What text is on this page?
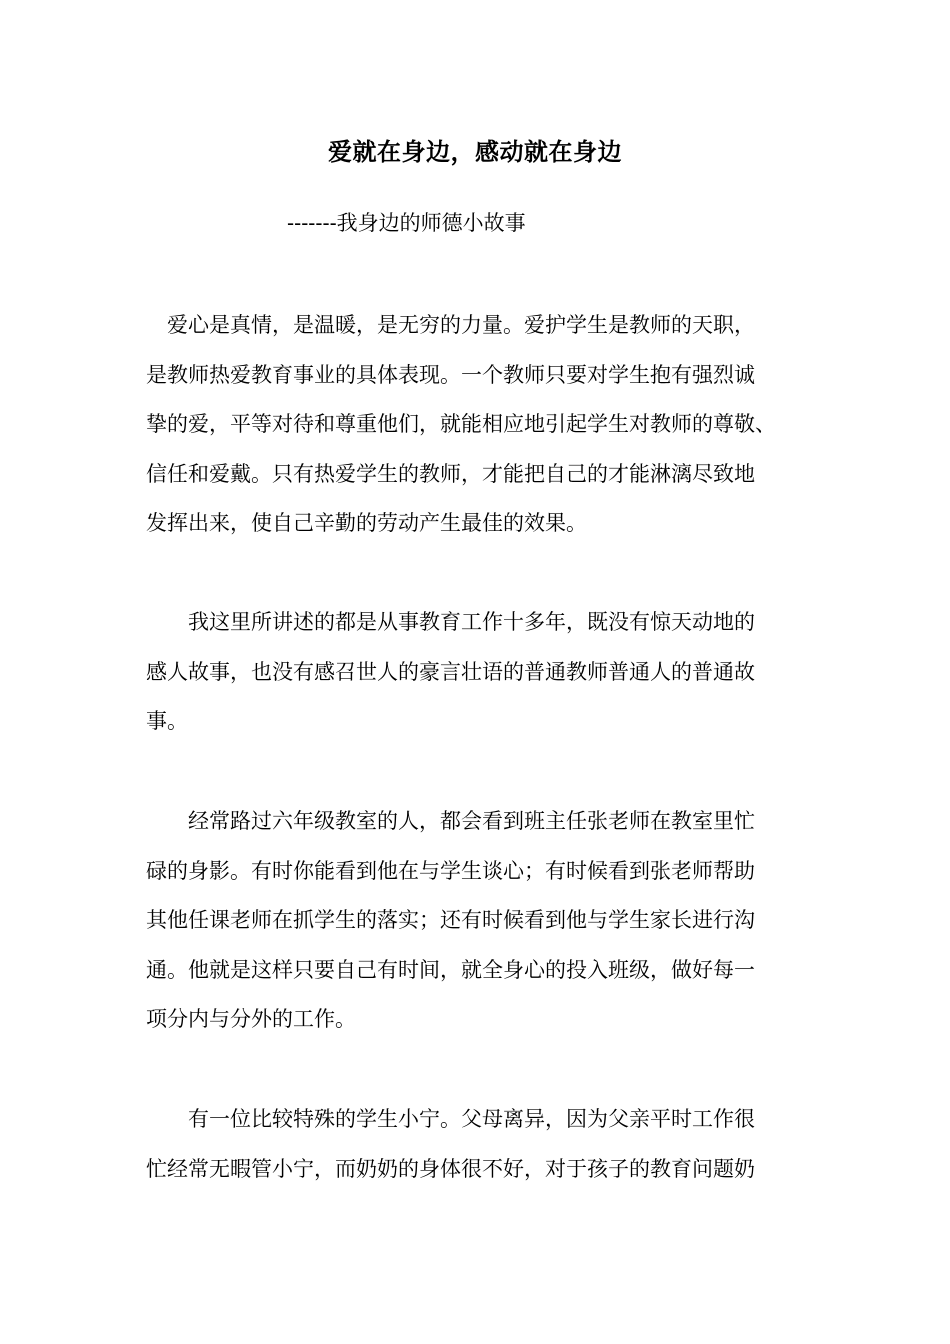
爱就在身边，感动就在身边
-------我身边的师德小故事
　爱心是真情，是温暖，是无穷的力量。爱护学生是教师的天职，
是教师热爱教育事业的具体表现。一个教师只要对学生抱有强烈诚
挚的爱，平等对待和尊重他们，就能相应地引起学生对教师的尊敬、
信任和爱戴。只有热爱学生的教师，才能把自己的才能淋漓尽致地
发挥出来，使自己辛勤的劳动产生最佳的效果。
　　我这里所讲述的都是从事教育工作十多年，既没有惊天动地的
感人故事，也没有感召世人的豪言壮语的普通教师普通人的普通故
事。
　　经常路过六年级教室的人，都会看到班主任张老师在教室里忙
碌的身影。有时你能看到他在与学生谈心；有时候看到张老师帮助
其他任课老师在抓学生的落实；还有时候看到他与学生家长进行沟
通。他就是这样只要自己有时间，就全身心的投入班级，做好每一
项分内与分外的工作。
　　有一位比较特殊的学生小宁。父母离异，因为父亲平时工作很
忙经常无暇管小宁，而奶奶的身体很不好，对于孩子的教育问题奶
